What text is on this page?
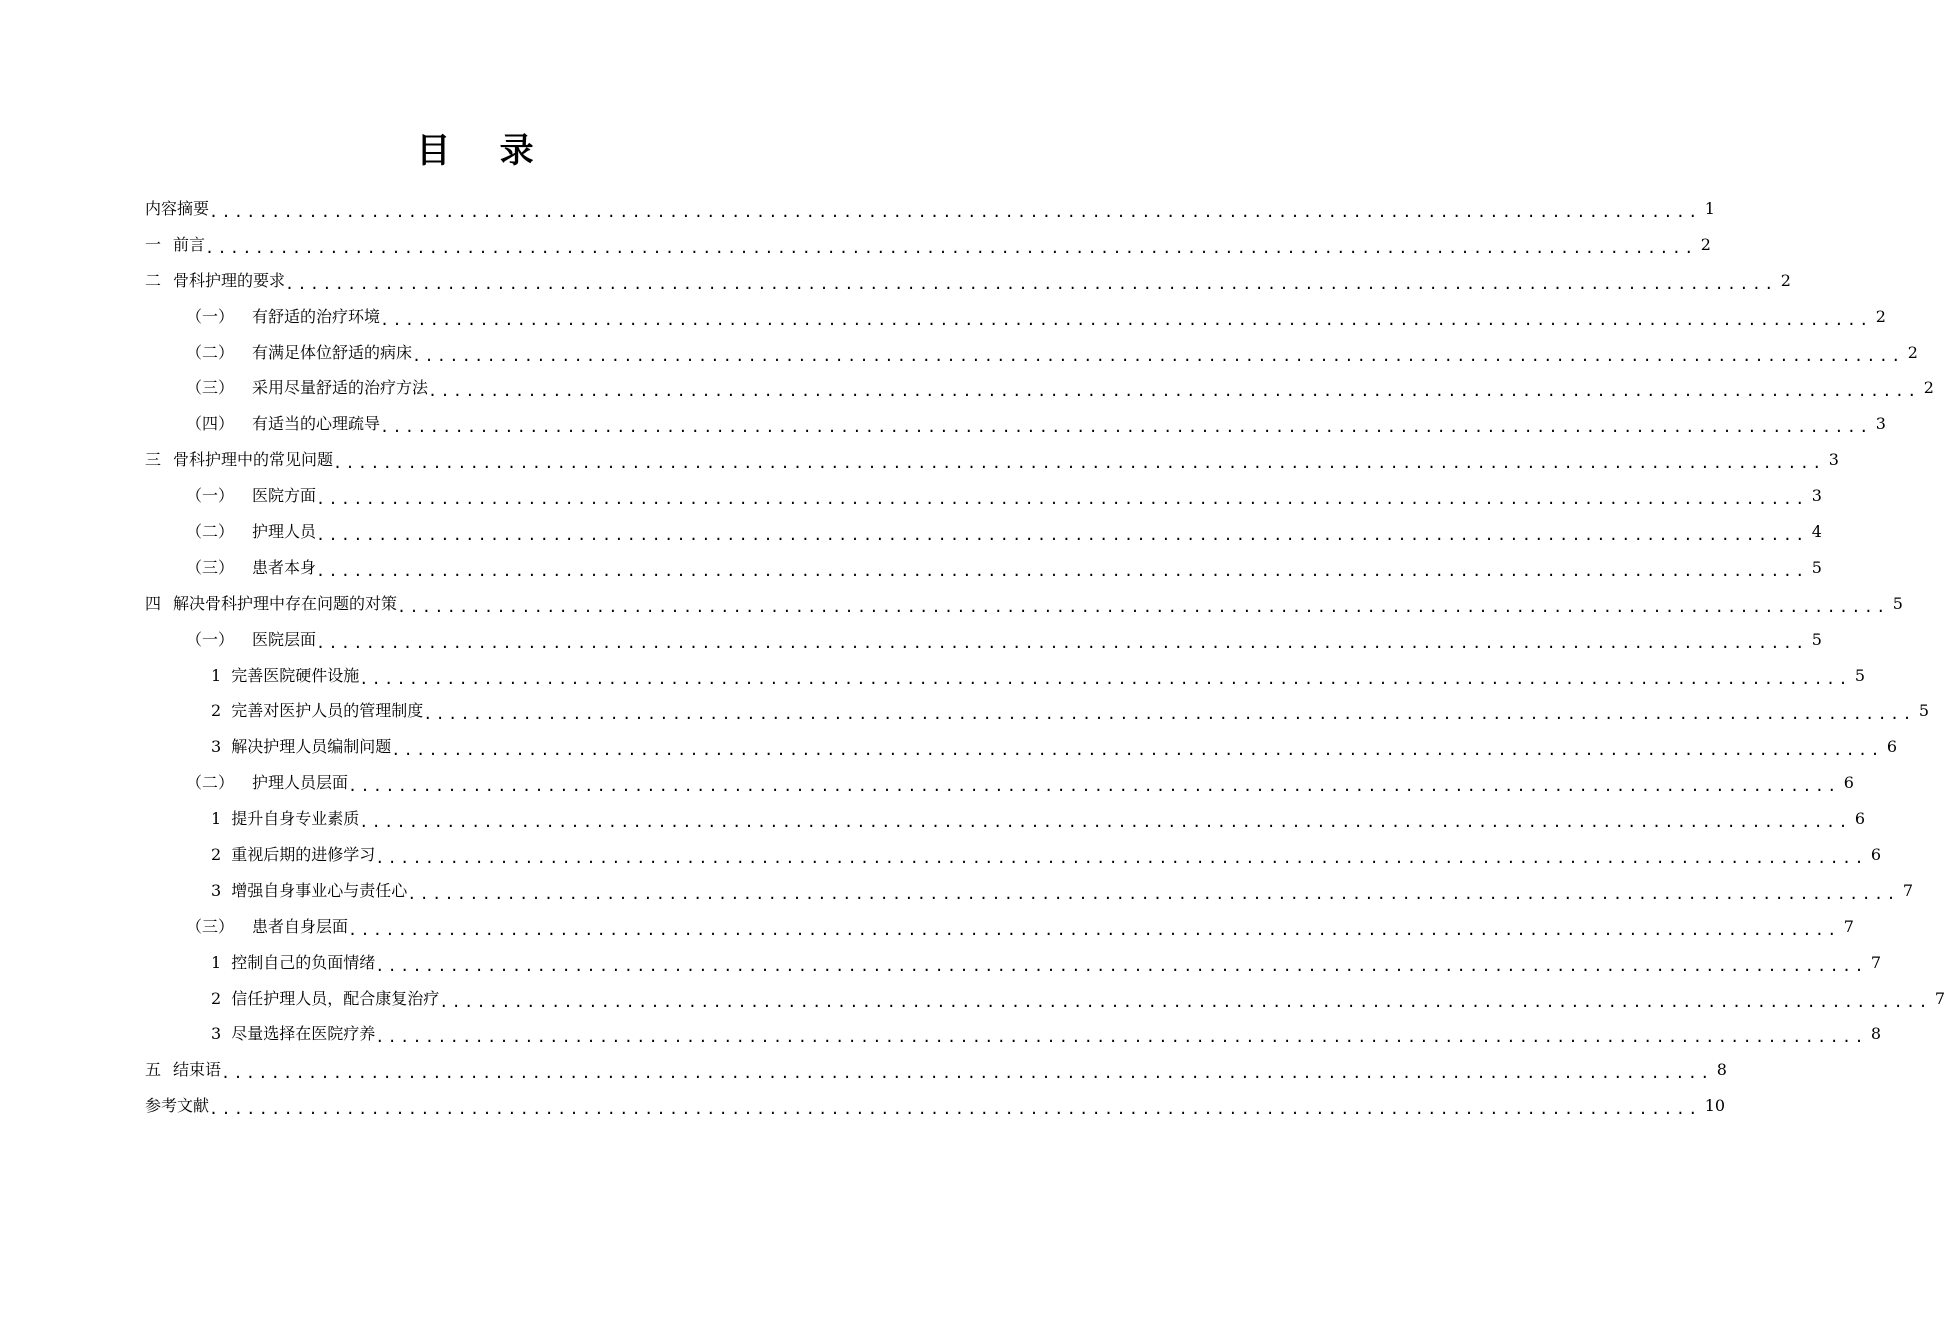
目 录
内容摘要 ........................................................................................................................ 1
一 前言 ........................................................................................................................ 2
二 骨科护理的要求 ........................................................................................................................ 2
（一） 有舒适的治疗环境 ........................................................................................................................ 2
（二） 有满足体位舒适的病床 ........................................................................................................................ 2
（三） 采用尽量舒适的治疗方法 ........................................................................................................................ 2
（四） 有适当的心理疏导 ........................................................................................................................ 3
三 骨科护理中的常见问题 ........................................................................................................................ 3
（一） 医院方面 ........................................................................................................................ 3
（二） 护理人员 ........................................................................................................................ 4
（三） 患者本身 ........................................................................................................................ 5
四 解决骨科护理中存在问题的对策 ........................................................................................................................ 5
（一） 医院层面 ........................................................................................................................ 5
1 完善医院硬件设施 ........................................................................................................................ 5
2 完善对医护人员的管理制度 ........................................................................................................................ 5
3 解决护理人员编制问题 ........................................................................................................................ 6
（二） 护理人员层面 ........................................................................................................................ 6
1 提升自身专业素质 ........................................................................................................................ 6
2 重视后期的进修学习 ........................................................................................................................ 6
3 增强自身事业心与责任心 ........................................................................................................................ 7
（三） 患者自身层面 ........................................................................................................................ 7
1 控制自己的负面情绪 ........................................................................................................................ 7
2 信任护理人员，配合康复治疗 ........................................................................................................................ 7
3 尽量选择在医院疗养 ........................................................................................................................ 8
五 结束语 ........................................................................................................................ 8
参考文献 ........................................................................................................................ 10
